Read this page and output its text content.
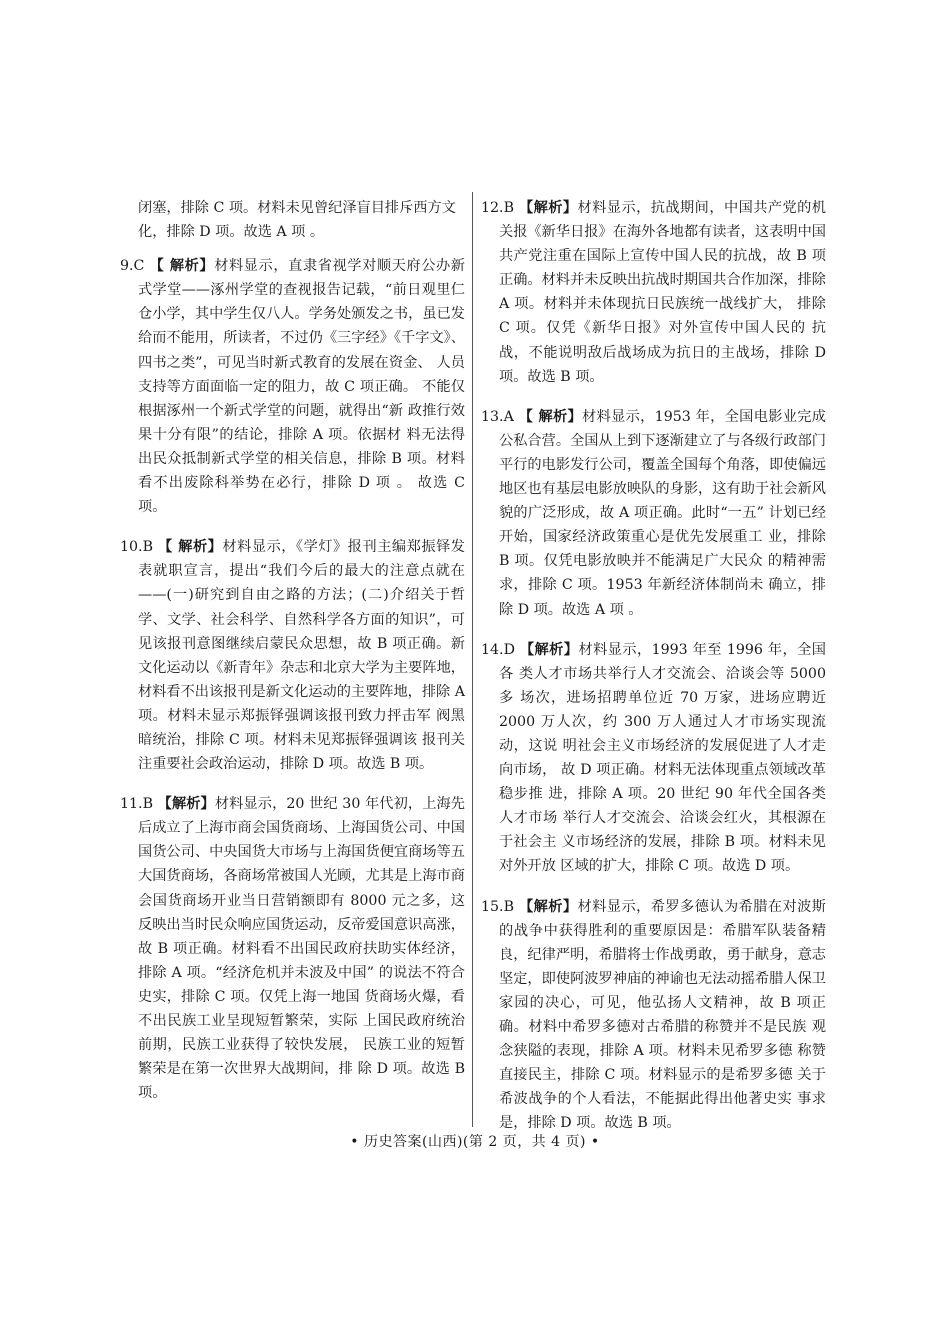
闭塞，排除 C 项。材料未见曾纪泽盲目排斥西方文 化，排除 D 项。故选 A 项 。

9.C 【 解析】材料显示，直隶省视学对顺天府公办新式学堂——涿州学堂的查视报告记载，“前日观里仁仓小学，其中学生仅八人。学务处颁发之书，虽已发给而不能用，所读者，不过仍《三字经》《千字文》、四书之类”，可见当时新式教育的发展在资金、 人员支持等方面面临一定的阻力，故 C 项正确。 不能仅根据涿州一个新式学堂的问题，就得出“新 政推行效果十分有限”的结论，排除 A 项。依据材 料无法得出民众抵制新式学堂的相关信息，排除 B 项。材料看不出废除科举势在必行，排除 D 项 。 故选 C 项。

10.B 【 解析】材料显示，《学灯》报刊主编郑振铎发表就职宣言，提出“我们今后的最大的注意点就在——(一)研究到自由之路的方法；(二)介绍关于哲学、文学、社会科学、自然科学各方面的知识”，可见该报刊意图继续启蒙民众思想，故 B 项正确。新文化运动以《新青年》杂志和北京大学为主要阵地， 材料看不出该报刊是新文化运动的主要阵地，排除 A 项。材料未显示郑振铎强调该报刊致力抨击军 阀黑暗统治，排除 C 项。材料未见郑振铎强调该 报刊关注重要社会政治运动，排除 D 项。故选 B 项。

11.B 【解析】材料显示，20 世纪 30 年代初，上海先后成立了上海市商会国货商场、上海国货公司、中国国货公司、中央国货大市场与上海国货便宜商场等五大国货商场，各商场常被国人光顾，尤其是上海市商会国货商场开业当日营销额即有 8000 元之多，这反映出当时民众响应国货运动，反帝爱国意识高涨，故 B 项正确。材料看不出国民政府扶助实体经济，排除 A 项。“经济危机并未波及中国” 的说法不符合史实，排除 C 项。仅凭上海一地国 货商场火爆，看不出民族工业呈现短暂繁荣，实际 上国民政府统治前期，民族工业获得了较快发展， 民族工业的短暂繁荣是在第一次世界大战期间，排 除 D 项。故选 B 项。

12.B 【解析】材料显示，抗战期间，中国共产党的机关报《新华日报》在海外各地都有读者，这表明中国共产党注重在国际上宣传中国人民的抗战，故 B 项正确。材料并未反映出抗战时期国共合作加深，排除 A 项。材料并未体现抗日民族统一战线扩大， 排除 C 项。仅凭《新华日报》对外宣传中国人民的 抗战，不能说明敌后战场成为抗日的主战场，排除 D 项。故选 B 项。

13.A 【 解析】材料显示，1953 年，全国电影业完成公私合营。全国从上到下逐渐建立了与各级行政部门平行的电影发行公司，覆盖全国每个角落，即使偏远地区也有基层电影放映队的身影，这有助于社会新风貌的广泛形成，故 A 项正确。此时“一五” 计划已经开始，国家经济政策重心是优先发展重工 业，排除 B 项。仅凭电影放映并不能满足广大民众 的精神需求，排除 C 项。1953 年新经济体制尚未 确立，排除 D 项。故选 A 项 。

14.D 【解析】材料显示，1993 年至 1996 年，全国各 类人才市场共举行人才交流会、洽谈会等 5000 多 场次，进场招聘单位近 70 万家，进场应聘近 2000 万人次，约 300 万人通过人才市场实现流动，这说 明社会主义市场经济的发展促进了人才走向市场， 故 D 项正确。材料无法体现重点领域改革稳步推 进，排除 A 项。20 世纪 90 年代全国各类人才市场 举行人才交流会、洽谈会红火，其根源在于社会主 义市场经济的发展，排除 B 项。材料未见对外开放 区域的扩大，排除 C 项。故选 D 项。

15.B 【解析】材料显示，希罗多德认为希腊在对波斯的战争中获得胜利的重要原因是：希腊军队装备精良，纪律严明，希腊将士作战勇敢，勇于献身，意志坚定，即使阿波罗神庙的神谕也无法动摇希腊人保卫家园的决心，可见，他弘扬人文精神，故 B 项正 确。材料中希罗多德对古希腊的称赞并不是民族 观念狭隘的表现，排除 A 项。材料未见希罗多德 称赞直接民主，排除 C 项。材料显示的是希罗多德 关于希波战争的个人看法，不能据此得出他著史实 事求是，排除 D 项。故选 B 项。

• 历史答案(山西)(第 2 页，共 4 页) •
